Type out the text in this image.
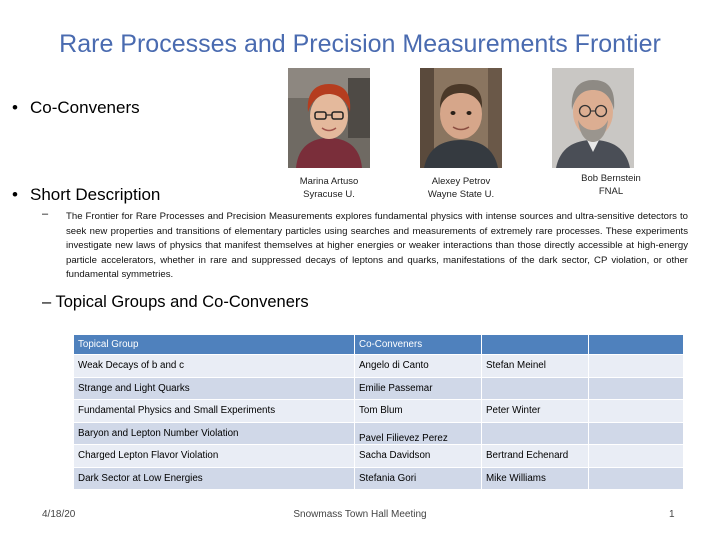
Rare Processes and Precision Measurements Frontier
• Co-Conveners
• Short Description
Marina Artuso
Syracuse U.
Alexey Petrov
Wayne State U.
Bob Bernstein
FNAL
– The Frontier for Rare Processes and Precision Measurements explores fundamental physics with intense sources and ultra-sensitive detectors to seek new properties and transitions of elementary particles using searches and measurements of extremely rare processes. These experiments investigate new laws of physics that manifest themselves at higher energies or weaker interactions than those directly accessible at high-energy particle accelerators, whether in rare and suppressed decays of leptons and quarks, manifestations of the dark sector, CP violation, or other fundamental symmetries.
– Topical Groups and Co-Conveners
Topical Group	Co-Conveners		
Weak Decays of b and c	Angelo di Canto	Stefan Meinel	
Strange and Light Quarks	Emilie Passemar		
Fundamental Physics and Small Experiments	Tom Blum	Peter Winter	
Baryon and Lepton Number Violation	Pavel Filievez Perez		
Charged Lepton Flavor Violation	Sacha Davidson	Bertrand Echenard	
Dark Sector at Low Energies	Stefania Gori	Mike Williams	
4/18/20	Snowmass Town Hall Meeting	1
